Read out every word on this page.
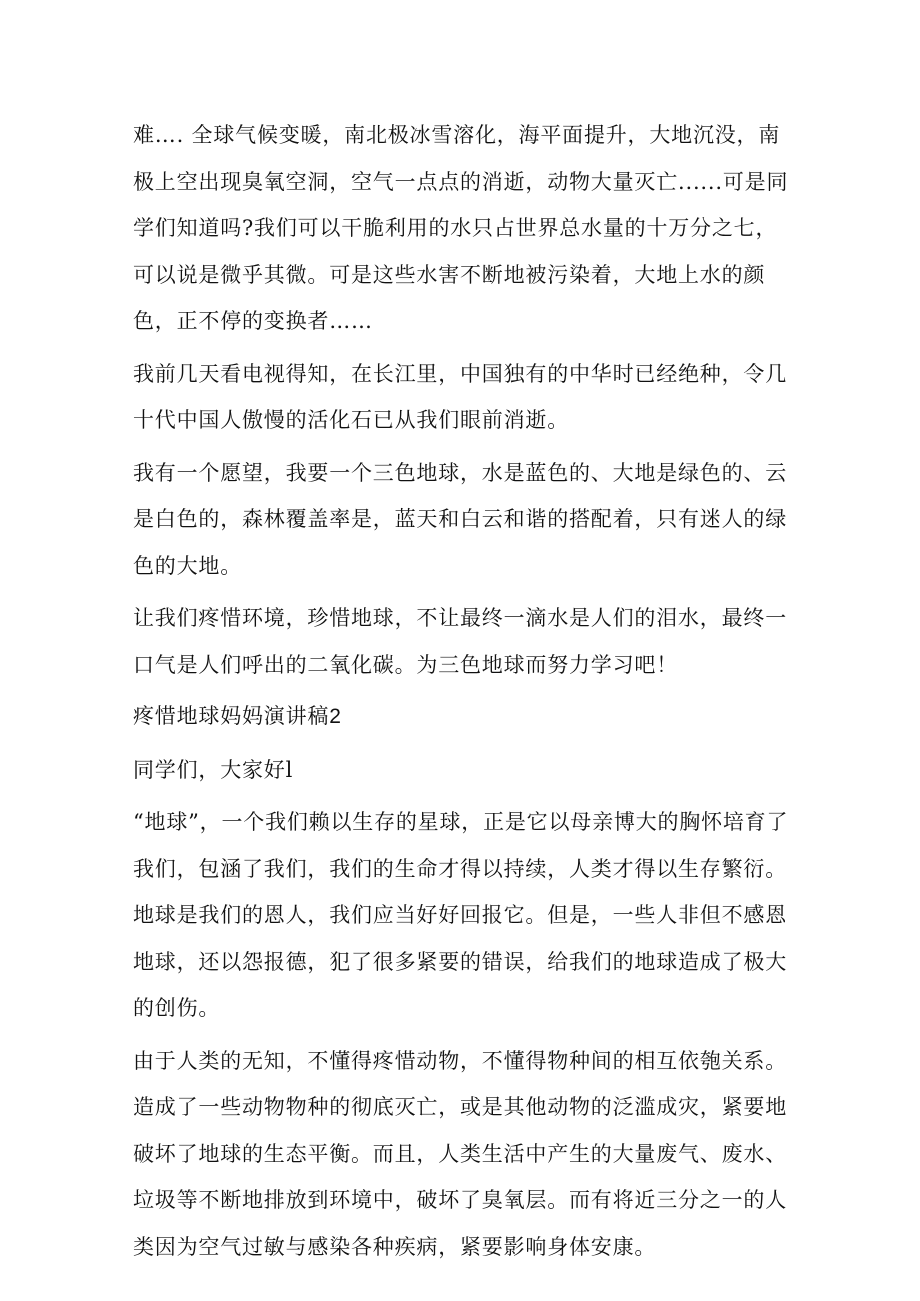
难…. 全球气候变暖，南北极冰雪溶化，海平面提升，大地沉没，南极上空出现臭氧空洞，空气一点点的消逝，动物大量灭亡......可是同学们知道吗?我们可以干脆利用的水只占世界总水量的十万分之七，可以说是微乎其微。可是这些水害不断地被污染着，大地上水的颜色，正不停的变换者……

我前几天看电视得知，在长江里，中国独有的中华时已经绝种，令几十代中国人傲慢的活化石已从我们眼前消逝。

我有一个愿望，我要一个三色地球，水是蓝色的、大地是绿色的、云是白色的，森林覆盖率是，蓝天和白云和谐的搭配着，只有迷人的绿色的大地。

让我们疼惜环境，珍惜地球，不让最终一滴水是人们的泪水，最终一口气是人们呼出的二氧化碳。为三色地球而努力学习吧！

疼惜地球妈妈演讲稿2

同学们，大家好l

“地球”，一个我们赖以生存的星球，正是它以母亲博大的胸怀培育了我们，包涵了我们，我们的生命才得以持续，人类才得以生存繁衍。地球是我们的恩人，我们应当好好回报它。但是，一些人非但不感恩地球，还以怨报德，犯了很多紧要的错误，给我们的地球造成了极大的创伤。

由于人类的无知，不懂得疼惜动物，不懂得物种间的相互依匏关系。造成了一些动物物种的彻底灭亡，或是其他动物的泛滥成灾，紧要地破坏了地球的生态平衡。而且，人类生活中产生的大量废气、废水、垃圾等不断地排放到环境中，破坏了臭氧层。而有将近三分之一的人类因为空气过敏与感染各种疾病，紧要影响身体安康。
